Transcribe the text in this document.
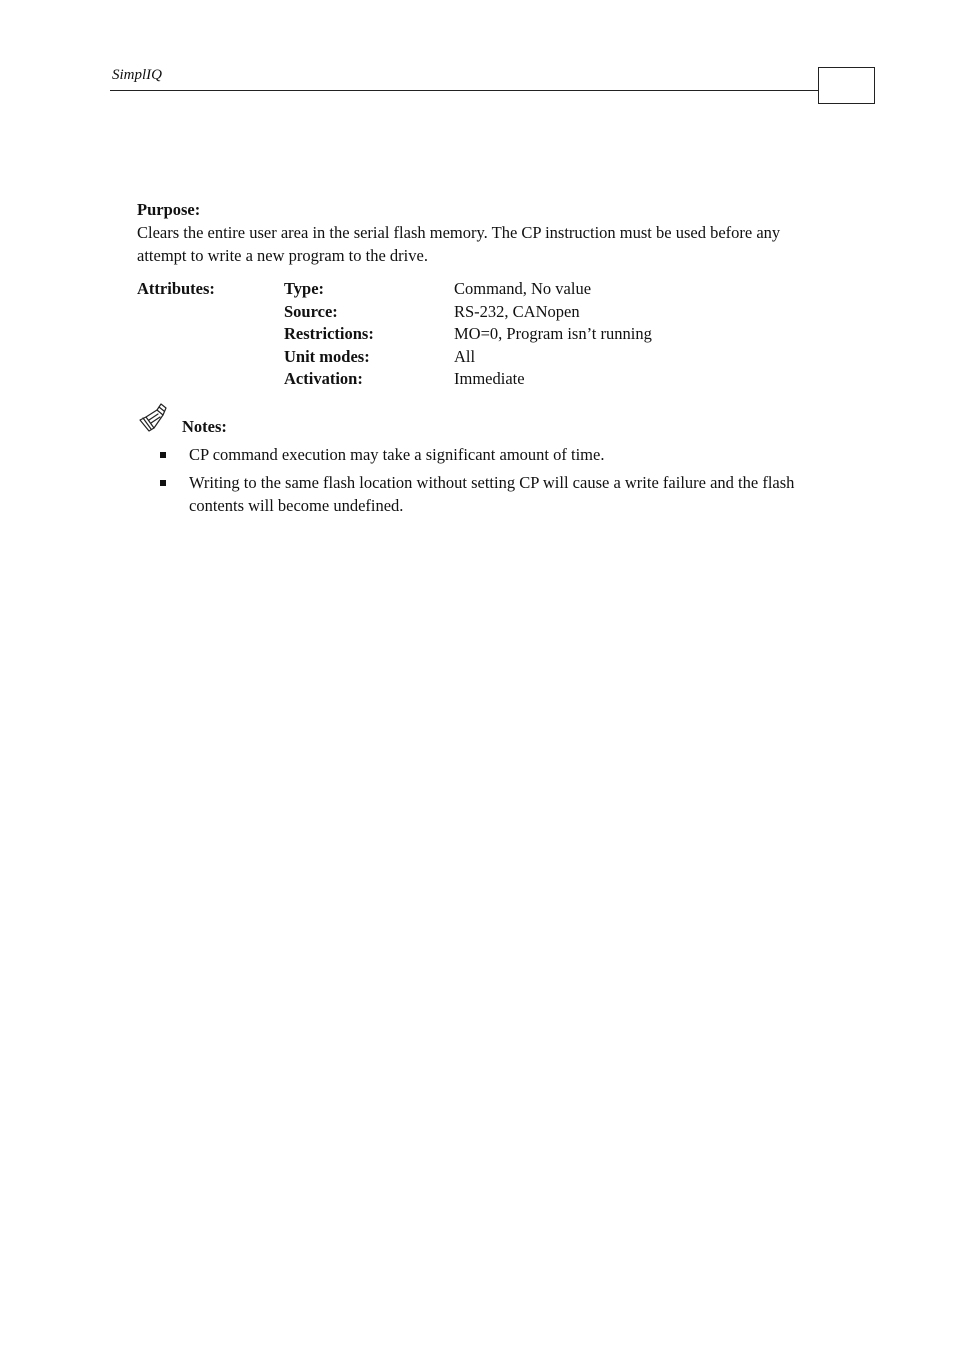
SimplIQ
Purpose:

Clears the entire user area in the serial flash memory. The CP instruction must be used before any attempt to write a new program to the drive.

Attributes:	Type:	Command, No value
	Source:	RS-232, CANopen
	Restrictions:	MO=0, Program isn’t running
	Unit modes:	All
	Activation:	Immediate
Notes:
CP command execution may take a significant amount of time.
Writing to the same flash location without setting CP will cause a write failure and the flash contents will become undefined.
